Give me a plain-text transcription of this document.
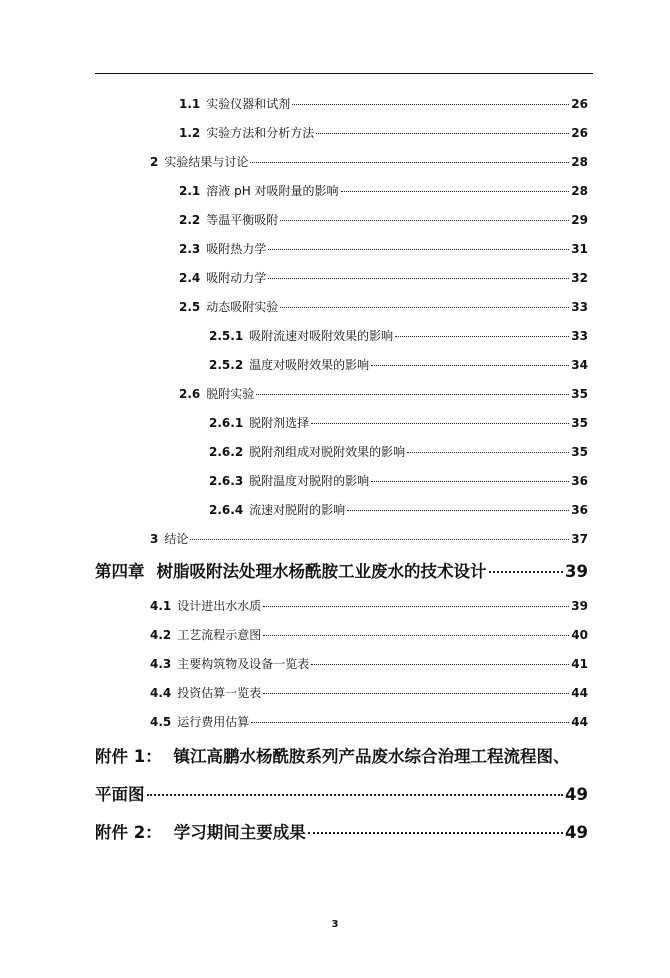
1.1 实验仪器和试剂	26
1.2 实验方法和分析方法	26
2 实验结果与讨论	28
2.1 溶液 pH 对吸附量的影响	28
2.2 等温平衡吸附	29
2.3 吸附热力学	31
2.4 吸附动力学	32
2.5 动态吸附实验	33
2.5.1 吸附流速对吸附效果的影响	33
2.5.2 温度对吸附效果的影响	34
2.6 脱附实验	35
2.6.1 脱附剂选择	35
2.6.2 脱附剂组成对脱附效果的影响	35
2.6.3 脱附温度对脱附的影响	36
2.6.4 流速对脱附的影响	36
3 结论	37
第四章 树脂吸附法处理水杨酰胺工业废水的技术设计	39
4.1 设计进出水水质	39
4.2 工艺流程示意图	40
4.3 主要构筑物及设备一览表	41
4.4 投资估算一览表	44
4.5 运行费用估算	44
附件 1： 镇江高鹏水杨酰胺系列产品废水综合治理工程流程图、
平面图	49
附件 2： 学习期间主要成果	49
3
